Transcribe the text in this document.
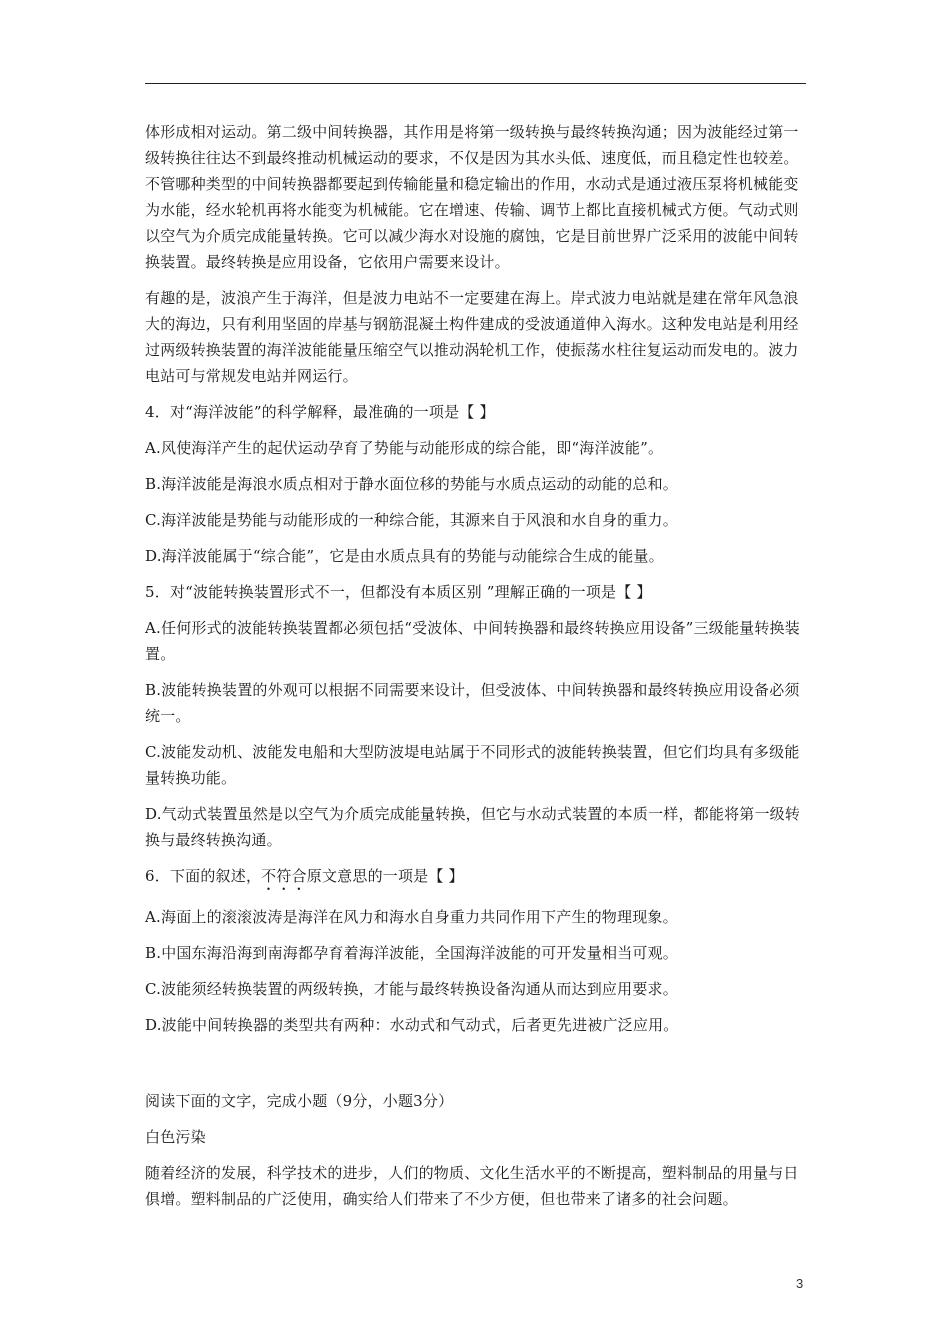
体形成相对运动。第二级中间转换器，其作用是将第一级转换与最终转换沟通；因为波能经过第一级转换往往达不到最终推动机械运动的要求，不仅是因为其水头低、速度低，而且稳定性也较差。不管哪种类型的中间转换器都要起到传输能量和稳定输出的作用，水动式是通过液压泵将机械能变为水能，经水轮机再将水能变为机械能。它在增速、传输、调节上都比直接机械式方便。气动式则以空气为介质完成能量转换。它可以减少海水对设施的腐蚀，它是目前世界广泛采用的波能中间转换装置。最终转换是应用设备，它依用户需要来设计。

有趣的是，波浪产生于海洋，但是波力电站不一定要建在海上。岸式波力电站就是建在常年风急浪大的海边，只有利用坚固的岸基与钢筋混凝土构件建成的受波通道伸入海水。这种发电站是利用经过两级转换装置的海洋波能能量压缩空气以推动涡轮机工作，使振荡水柱往复运动而发电的。波力电站可与常规发电站并网运行。

4．对“海洋波能”的科学解释，最准确的一项是【 】

A.风使海洋产生的起伏运动孕育了势能与动能形成的综合能，即“海洋波能”。

B.海洋波能是海浪水质点相对于静水面位移的势能与水质点运动的动能的总和。

C.海洋波能是势能与动能形成的一种综合能，其源来自于风浪和水自身的重力。

D.海洋波能属于“综合能”，它是由水质点具有的势能与动能综合生成的能量。

5．对“波能转换装置形式不一，但都没有本质区别 ”理解正确的一项是【 】

A.任何形式的波能转换装置都必须包括“受波体、中间转换器和最终转换应用设备”三级能量转换装置。

B.波能转换装置的外观可以根据不同需要来设计，但受波体、中间转换器和最终转换应用设备必须统一。

C.波能发动机、波能发电船和大型防波堤电站属于不同形式的波能转换装置，但它们均具有多级能量转换功能。

D.气动式装置虽然是以空气为介质完成能量转换，但它与水动式装置的本质一样，都能将第一级转换与最终转换沟通。

6．下面的叙述，不符合原文意思的一项是【 】

A.海面上的滚滚波涛是海洋在风力和海水自身重力共同作用下产生的物理现象。

B.中国东海沿海到南海都孕育着海洋波能，全国海洋波能的可开发量相当可观。

C.波能须经转换装置的两级转换，才能与最终转换设备沟通从而达到应用要求。

D.波能中间转换器的类型共有两种：水动式和气动式，后者更先进被广泛应用。

阅读下面的文字，完成小题（9分，小题3分）

白色污染

随着经济的发展，科学技术的进步，人们的物质、文化生活水平的不断提高，塑料制品的用量与日俱增。塑料制品的广泛使用，确实给人们带来了不少方便，但也带来了诸多的社会问题。

3
